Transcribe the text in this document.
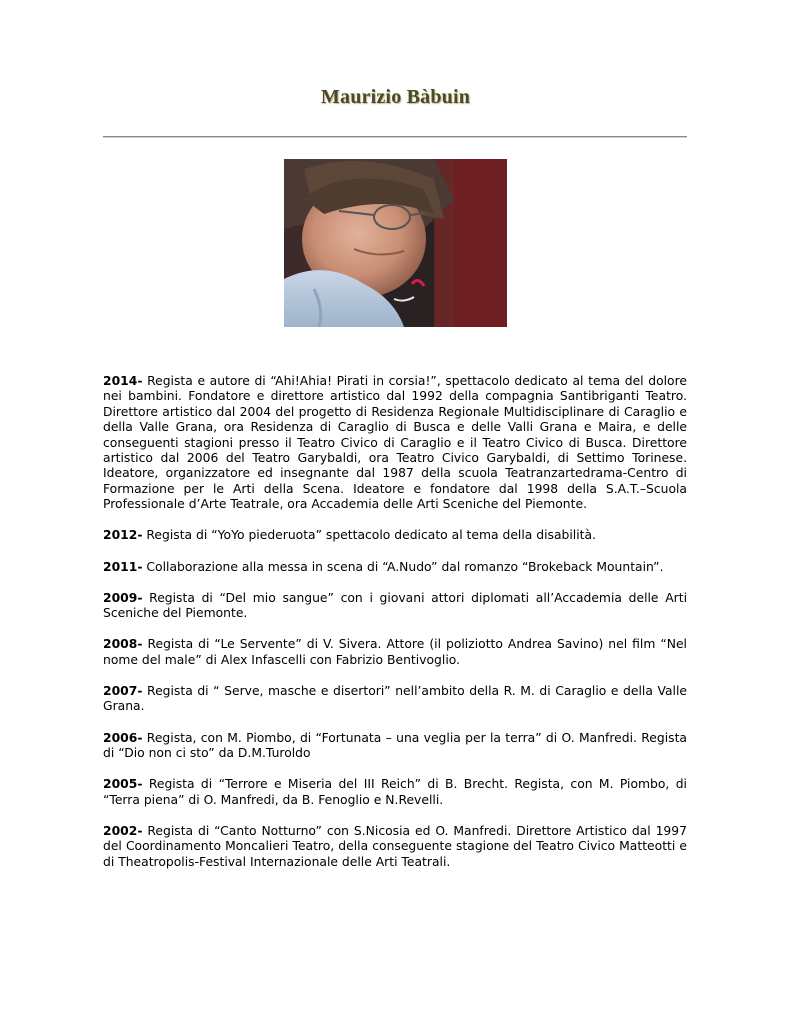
Maurizio Bàbuin

2014- Regista e autore di “Ahi!Ahia! Pirati in corsia!”, spettacolo dedicato al tema del dolore nei bambini. Fondatore e direttore artistico dal 1992 della compagnia Santibriganti Teatro. Direttore artistico dal 2004 del progetto di Residenza Regionale Multidisciplinare di Caraglio e della Valle Grana, ora Residenza di Caraglio di Busca e delle Valli Grana e Maira, e delle conseguenti stagioni presso il Teatro Civico di Caraglio e il Teatro Civico di Busca. Direttore artistico dal 2006 del Teatro Garybaldi, ora Teatro Civico Garybaldi, di Settimo Torinese. Ideatore, organizzatore ed insegnante dal 1987 della scuola Teatranzartedrama-Centro di Formazione per le Arti della Scena. Ideatore e fondatore dal 1998 della S.A.T.–Scuola Professionale d’Arte Teatrale, ora Accademia delle Arti Sceniche del Piemonte.

2012- Regista di “YoYo piederuota” spettacolo dedicato al tema della disabilità.

2011- Collaborazione alla messa in scena di “A.Nudo” dal romanzo “Brokeback Mountain”.

2009- Regista di “Del mio sangue” con i giovani attori diplomati all’Accademia delle Arti Sceniche del Piemonte.

2008- Regista di “Le Servente” di V. Sivera. Attore (il poliziotto Andrea Savino) nel film “Nel nome del male” di Alex Infascelli con Fabrizio Bentivoglio.

2007- Regista di “ Serve, masche e disertori” nell’ambito della R. M. di Caraglio e della Valle Grana.

2006- Regista, con M. Piombo, di “Fortunata – una veglia per la terra” di O. Manfredi. Regista di “Dio non ci sto” da D.M.Turoldo

2005- Regista di “Terrore e Miseria del III Reich” di B. Brecht. Regista, con M. Piombo, di “Terra piena” di O. Manfredi, da B. Fenoglio e N.Revelli.

2002- Regista di “Canto Notturno” con S.Nicosia ed O. Manfredi. Direttore Artistico dal 1997 del Coordinamento Moncalieri Teatro, della conseguente stagione del Teatro Civico Matteotti e di Theatropolis-Festival Internazionale delle Arti Teatrali.
